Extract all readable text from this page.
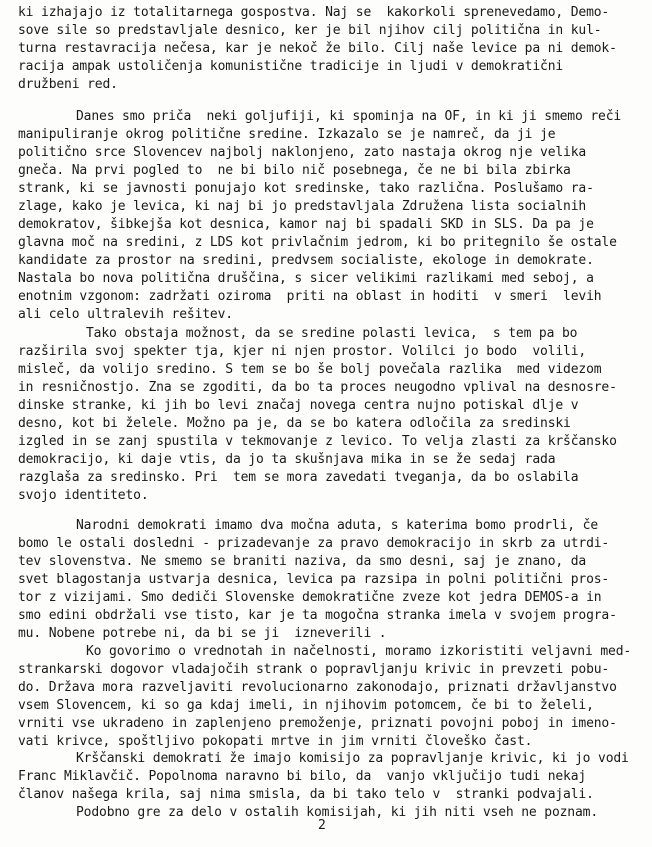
ki izhajajo iz totalitarnega gospostva. Naj se  kakorkoli sprenevedamo, Demo-
sove sile so predstavljale desnico, ker je bil njihov cilj politična in kul-
turna restavracija nečesa, kar je nekoč že bilo. Cilj naše levice pa ni demok-
racija ampak ustoličenja komunistične tradicije in ljudi v demokratični
družbeni red.
Danes smo priča  neki goljufiji, ki spominja na OF, in ki ji smemo reči
manipuliranje okrog politične sredine. Izkazalo se je namreč, da ji je
politično srce Slovencev najbolj naklonjeno, zato nastaja okrog nje velika
gneča. Na prvi pogled to  ne bi bilo nič posebnega, če ne bi bila zbirka
strank, ki se javnosti ponujajo kot sredinske, tako različna. Poslušamo ra-
zlage, kako je levica, ki naj bi jo predstavljala Združena lista socialnih
demokratov, šibkejša kot desnica, kamor naj bi spadali SKD in SLS. Da pa je
glavna moč na sredini, z LDS kot privlačnim jedrom, ki bo pritegnilo še ostale
kandidate za prostor na sredini, predvsem socialiste, ekologe in demokrate.
Nastala bo nova politična druščina, s sicer velikimi razlikami med seboj, a
enotnim vzgonom: zadržati oziroma  priti na oblast in hoditi  v smeri  levih
ali celo ultralevih rešitev.
Tako obstaja možnost, da se sredine polasti levica,  s tem pa bo
razširila svoj spekter tja, kjer ni njen prostor. Volilci jo bodo  volili,
misleč, da volijo sredino. S tem se bo še bolj povečala razlika  med videzom
in resničnostjo. Zna se zgoditi, da bo ta proces neugodno vplival na desnosre-
dinske stranke, ki jih bo levi značaj novega centra nujno potiskal dlje v
desno, kot bi želele. Možno pa je, da se bo katera odločila za sredinski
izgled in se zanj spustila v tekmovanje z levico. To velja zlasti za krščansko
demokracijo, ki daje vtis, da jo ta skušnjava mika in se že sedaj rada
razglaša za sredinsko. Pri  tem se mora zavedati tveganja, da bo oslabila
svojo identiteto.
Narodni demokrati imamo dva močna aduta, s katerima bomo prodrli, če
bomo le ostali dosledni - prizadevanje za pravo demokracijo in skrb za utrdi-
tev slovenstva. Ne smemo se braniti naziva, da smo desni, saj je znano, da
svet blagostanja ustvarja desnica, levica pa razsipa in polni politični pros-
tor z vizijami. Smo dediči Slovenske demokratične zveze kot jedra DEMOS-a in
smo edini obdržali vse tisto, kar je ta mogočna stranka imela v svojem progra-
mu. Nobene potrebe ni, da bi se ji  izneverili .
Ko govorimo o vrednotah in načelnosti, moramo izkoristiti veljavni med-
strankarski dogovor vladajočih strank o popravljanju krivic in prevzeti pobu-
do. Država mora razveljaviti revolucionarno zakonodajo, priznati državljanstvo
vsem Slovencem, ki so ga kdaj imeli, in njihovim potomcem, če bi to želeli,
vrniti vse ukradeno in zaplenjeno premoženje, priznati povojni poboj in imeno-
vati krivce, spoštljivo pokopati mrtve in jim vrniti človeško čast.
Krščanski demokrati že imajo komisijo za popravljanje krivic, ki jo vodi
Franc Miklavčič. Popolnoma naravno bi bilo, da  vanjo vključijo tudi nekaj
članov našega krila, saj nima smisla, da bi tako telo v  stranki podvajali.
Podobno gre za delo v ostalih komisijah, ki jih niti vseh ne poznam.
2
